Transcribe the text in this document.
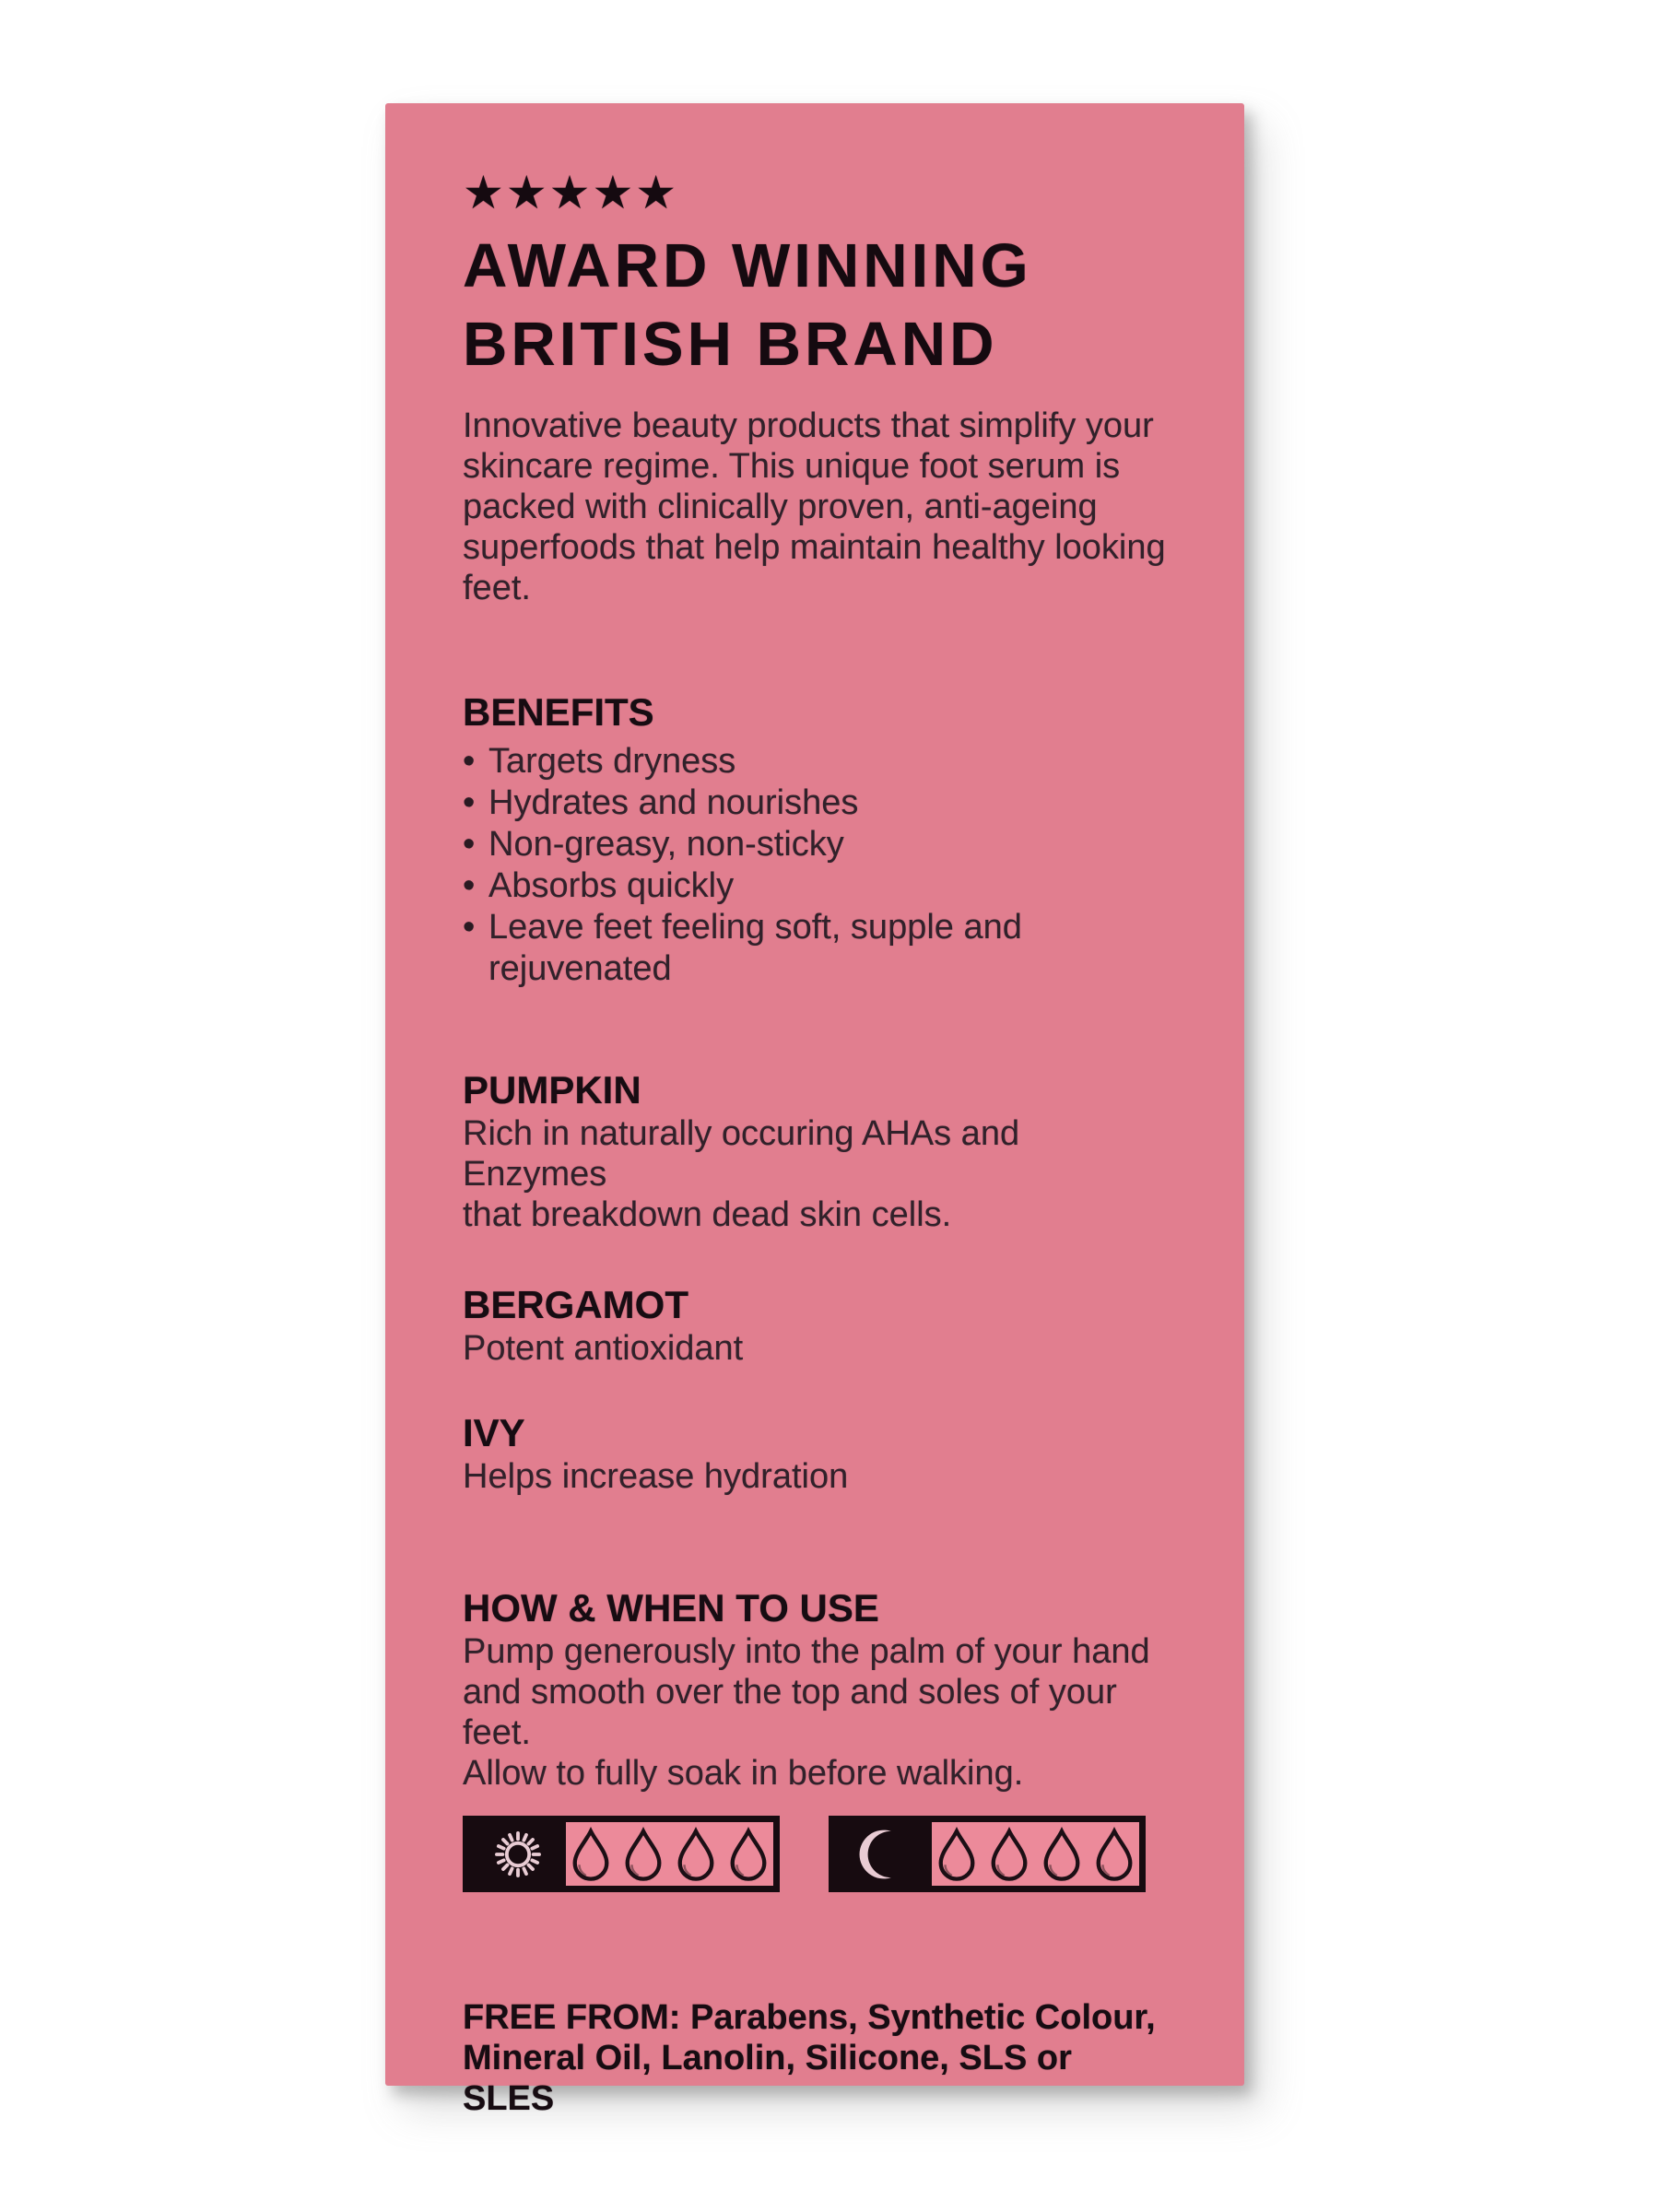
★★★★★
AWARD WINNING
BRITISH BRAND
Innovative beauty products that simplify your
skincare regime. This unique foot serum is
packed with clinically proven, anti-ageing
superfoods that help maintain healthy looking
feet.
BENEFITS
• Targets dryness
• Hydrates and nourishes
• Non-greasy, non-sticky
• Absorbs quickly
• Leave feet feeling soft, supple and rejuvenated
PUMPKIN
Rich in naturally occuring AHAs and Enzymes
that breakdown dead skin cells.
BERGAMOT
Potent antioxidant
IVY
Helps increase hydration
HOW & WHEN TO USE
Pump generously into the palm of your hand
and smooth over the top and soles of your feet.
Allow to fully soak in before walking.
FREE FROM: Parabens, Synthetic Colour,
Mineral Oil, Lanolin, Silicone, SLS or SLES
